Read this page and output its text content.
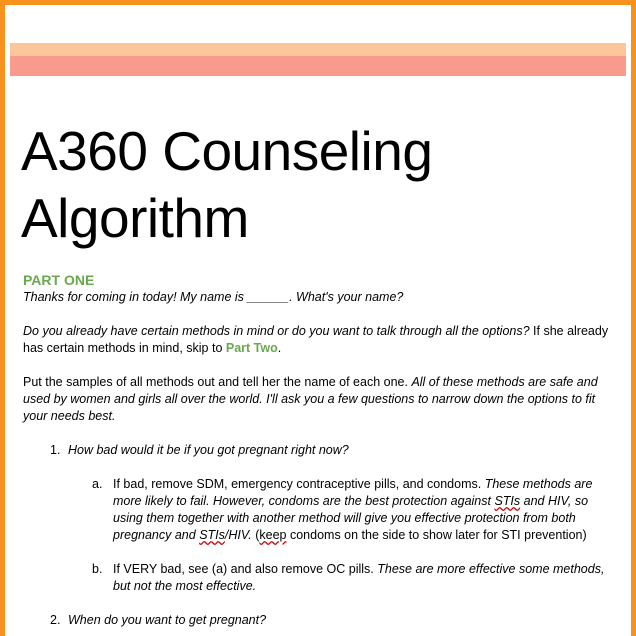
A360 Counseling
Algorithm

PART ONE

Thanks for coming in today! My name is ______. What's your name?

Do you already have certain methods in mind or do you want to talk through all the options? If she already has certain methods in mind, skip to Part Two.

Put the samples of all methods out and tell her the name of each one. All of these methods are safe and used by women and girls all over the world. I'll ask you a few questions to narrow down the options to fit your needs best.

1. How bad would it be if you got pregnant right now?
a. If bad, remove SDM, emergency contraceptive pills, and condoms. These methods are more likely to fail. However, condoms are the best protection against STIs and HIV, so using them together with another method will give you effective protection from both pregnancy and STIs/HIV. (keep condoms on the side to show later for STI prevention)
b. If VERY bad, see (a) and also remove OC pills. These are more effective some methods, but not the most effective.
2. When do you want to get pregnant?
